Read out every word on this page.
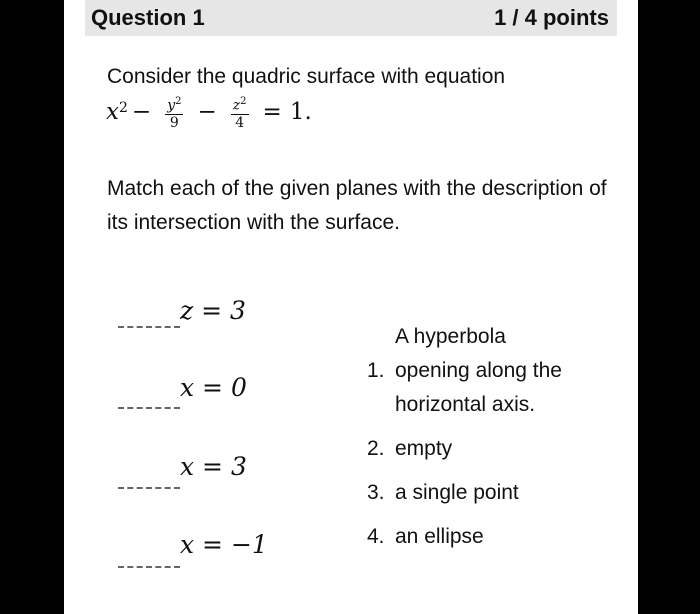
Question 1	1 / 4 points
Consider the quadric surface with equation
x $2 - \frac{y^2}{9} - \frac{z^2}{4} = 1$.
Match each of the given planes with the description of its intersection with the surface.
z = 3
x = 0
x = 3
x = −1
A hyperbola
1. opening along the horizontal axis.
2. empty
3. a single point
4. an ellipse
